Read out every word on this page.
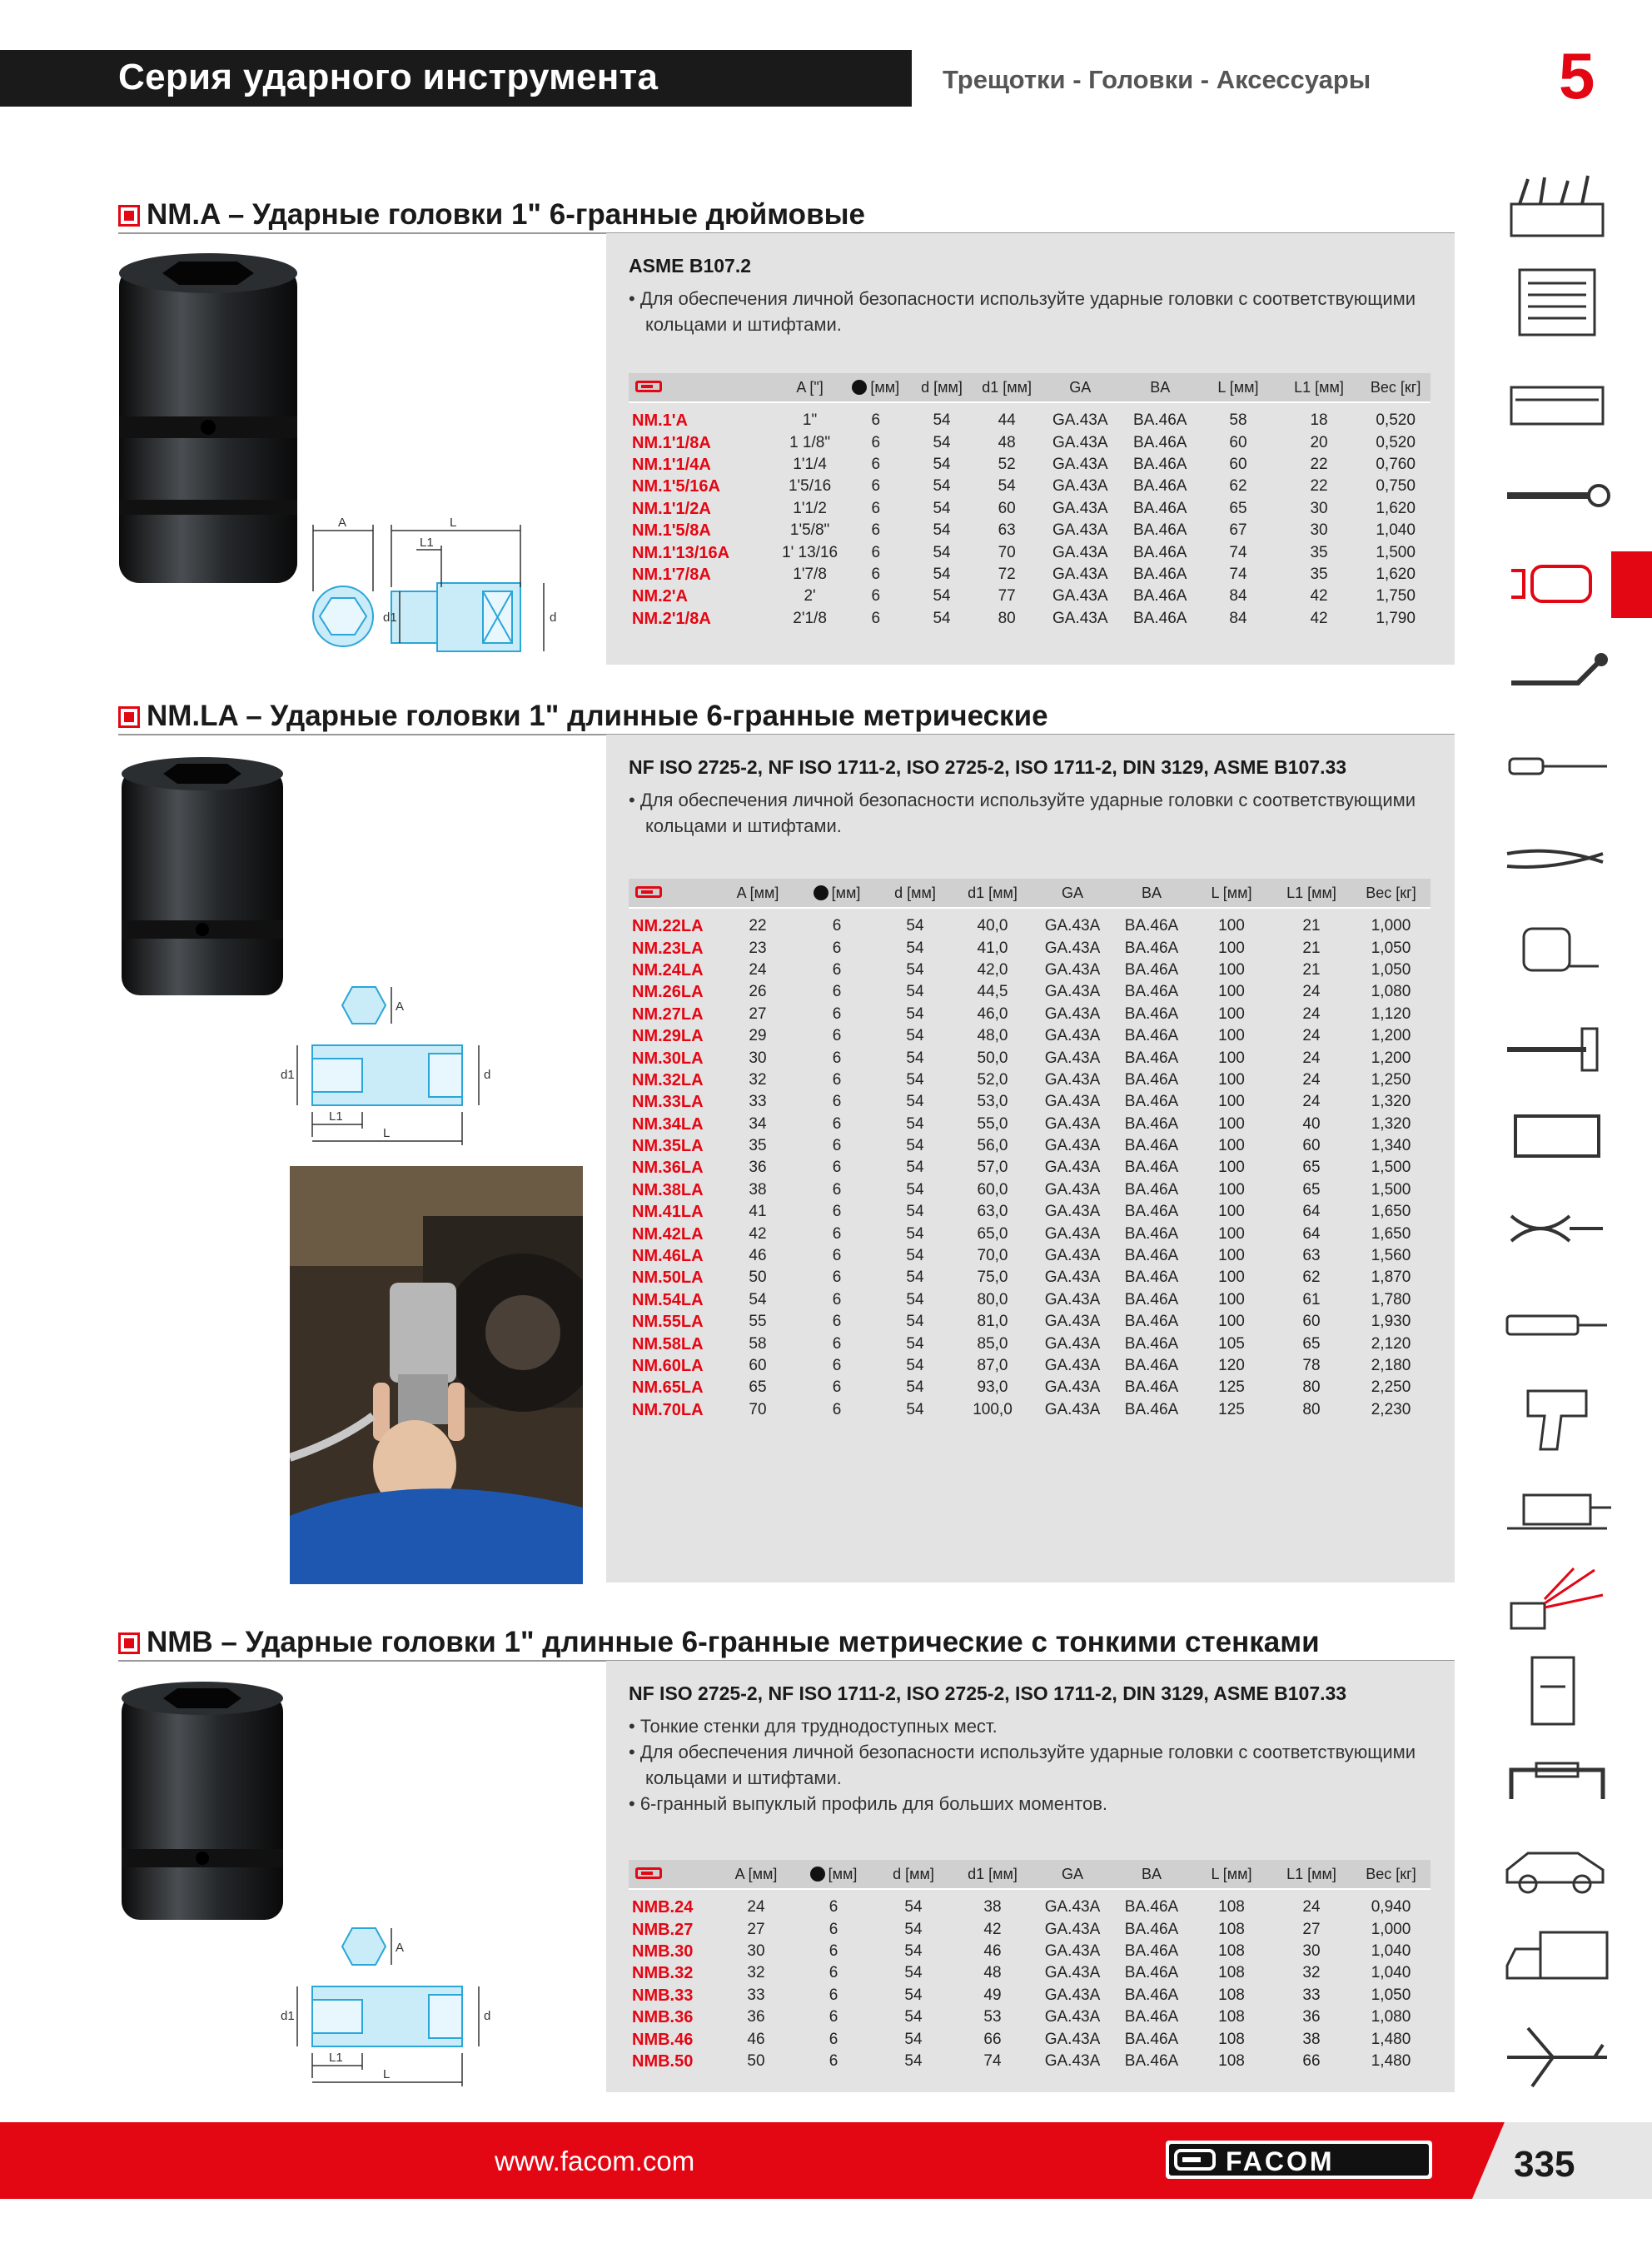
Серия ударного инструмента	Трещотки - Головки - Аксессуары	5
NM.A – Ударные головки 1" 6-гранные дюймовые
ASME B107.2
• Для обеспечения личной безопасности используйте ударные головки с соответствующими
кольцами и штифтами.
A	L
L1
d1	d
	A ["]	[мм]	d [мм]	d1 [мм]	GA	BA	L [мм]	L1 [мм]	Вес [кг]
NM.1'A	1"	6	54	44	GA.43A	BA.46A	58	18	0,520
NM.1'1/8A	1 1/8"	6	54	48	GA.43A	BA.46A	60	20	0,520
NM.1'1/4A	1'1/4	6	54	52	GA.43A	BA.46A	60	22	0,760
NM.1'5/16A	1'5/16	6	54	54	GA.43A	BA.46A	62	22	0,750
NM.1'1/2A	1'1/2	6	54	60	GA.43A	BA.46A	65	30	1,620
NM.1'5/8A	1'5/8"	6	54	63	GA.43A	BA.46A	67	30	1,040
NM.1'13/16A	1' 13/16	6	54	70	GA.43A	BA.46A	74	35	1,500
NM.1'7/8A	1'7/8	6	54	72	GA.43A	BA.46A	74	35	1,620
NM.2'A	2'	6	54	77	GA.43A	BA.46A	84	42	1,750
NM.2'1/8A	2'1/8	6	54	80	GA.43A	BA.46A	84	42	1,790
NM.LA – Ударные головки 1" длинные 6-гранные метрические
NF ISO 2725-2, NF ISO 1711-2, ISO 2725-2, ISO 1711-2, DIN 3129, ASME B107.33
• Для обеспечения личной безопасности используйте ударные головки с соответствующими
кольцами и штифтами.
A
d1	d
L1
L
	A [мм]	[мм]	d [мм]	d1 [мм]	GA	BA	L [мм]	L1 [мм]	Вес [кг]
NM.22LA	22	6	54	40,0	GA.43A	BA.46A	100	21	1,000
NM.23LA	23	6	54	41,0	GA.43A	BA.46A	100	21	1,050
NM.24LA	24	6	54	42,0	GA.43A	BA.46A	100	21	1,050
NM.26LA	26	6	54	44,5	GA.43A	BA.46A	100	24	1,080
NM.27LA	27	6	54	46,0	GA.43A	BA.46A	100	24	1,120
NM.29LA	29	6	54	48,0	GA.43A	BA.46A	100	24	1,200
NM.30LA	30	6	54	50,0	GA.43A	BA.46A	100	24	1,200
NM.32LA	32	6	54	52,0	GA.43A	BA.46A	100	24	1,250
NM.33LA	33	6	54	53,0	GA.43A	BA.46A	100	24	1,320
NM.34LA	34	6	54	55,0	GA.43A	BA.46A	100	40	1,320
NM.35LA	35	6	54	56,0	GA.43A	BA.46A	100	60	1,340
NM.36LA	36	6	54	57,0	GA.43A	BA.46A	100	65	1,500
NM.38LA	38	6	54	60,0	GA.43A	BA.46A	100	65	1,500
NM.41LA	41	6	54	63,0	GA.43A	BA.46A	100	64	1,650
NM.42LA	42	6	54	65,0	GA.43A	BA.46A	100	64	1,650
NM.46LA	46	6	54	70,0	GA.43A	BA.46A	100	63	1,560
NM.50LA	50	6	54	75,0	GA.43A	BA.46A	100	62	1,870
NM.54LA	54	6	54	80,0	GA.43A	BA.46A	100	61	1,780
NM.55LA	55	6	54	81,0	GA.43A	BA.46A	100	60	1,930
NM.58LA	58	6	54	85,0	GA.43A	BA.46A	105	65	2,120
NM.60LA	60	6	54	87,0	GA.43A	BA.46A	120	78	2,180
NM.65LA	65	6	54	93,0	GA.43A	BA.46A	125	80	2,250
NM.70LA	70	6	54	100,0	GA.43A	BA.46A	125	80	2,230
NMB – Ударные головки 1" длинные 6-гранные метрические с тонкими стенками
NF ISO 2725-2, NF ISO 1711-2, ISO 2725-2, ISO 1711-2, DIN 3129, ASME B107.33
• Тонкие стенки для труднодоступных мест.
• Для обеспечения личной безопасности используйте ударные головки с соответствующими
кольцами и штифтами.
• 6-гранный выпуклый профиль для больших моментов.
A
d1	d
L1
L
	A [мм]	[мм]	d [мм]	d1 [мм]	GA	BA	L [мм]	L1 [мм]	Вес [кг]
NMB.24	24	6	54	38	GA.43A	BA.46A	108	24	0,940
NMB.27	27	6	54	42	GA.43A	BA.46A	108	27	1,000
NMB.30	30	6	54	46	GA.43A	BA.46A	108	30	1,040
NMB.32	32	6	54	48	GA.43A	BA.46A	108	32	1,040
NMB.33	33	6	54	49	GA.43A	BA.46A	108	33	1,050
NMB.36	36	6	54	53	GA.43A	BA.46A	108	36	1,080
NMB.46	46	6	54	66	GA.43A	BA.46A	108	38	1,480
NMB.50	50	6	54	74	GA.43A	BA.46A	108	66	1,480
www.facom.com	FACOM	335
